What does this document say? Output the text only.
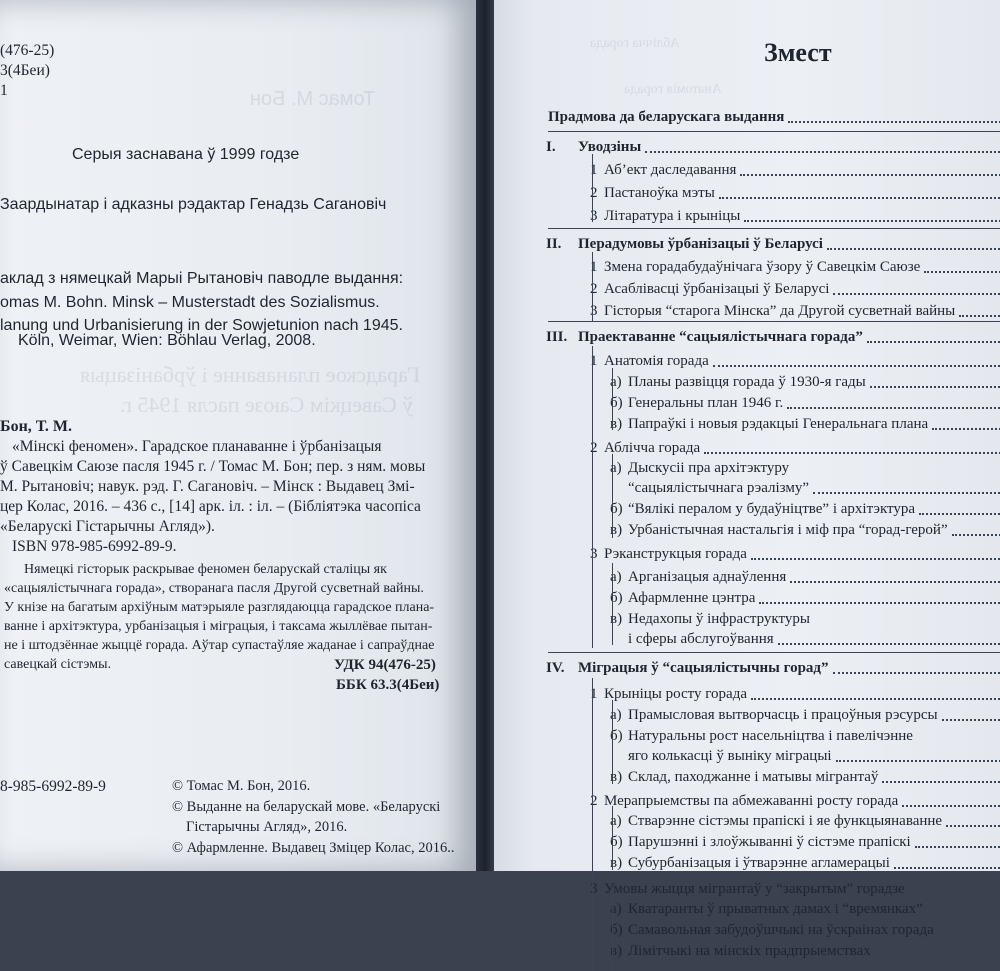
Томас М. Бон
Гарадское планаванне і ўрбанізацыя
ў Савецкім Саюзе пасля 1945 г.
(476-25)
3(4Беи)
1
Серыя заснавана ў 1999 годзе
Заардынатар і адказны рэдактар Генадзь Сагановіч
аклад з нямецкай Марыі Рытановіч паводле выдання:
omas M. Bohn. Minsk – Musterstadt des Sozialismus.
lanung und Urbanisierung in der Sowjetunion nach 1945.
Köln, Weimar, Wien: Böhlau Verlag, 2008.
Бон, Т. М.
«Мінскі феномен». Гарадское планаванне і ўрбанізацыя
ў Савецкім Саюзе пасля 1945 г. / Томас М. Бон; пер. з ням. мовы
М. Рытановіч; навук. рэд. Г. Сагановіч. – Мінск : Выдавец Змі-
цер Колас, 2016. – 436 с., [14] арк. іл. : іл. – (Бібліятэка часопіса
«Беларускі Гістарычны Агляд»).
ISBN 978-985-6992-89-9.
Нямецкі гісторык раскрывае феномен беларускай сталіцы як
«сацыялістычнага горада», створанага пасля Другой сусветнай вайны.
У кнізе на багатым архіўным матэрыяле разглядаюцца гарадское плана-
ванне і архітэктура, урбанізацыя і міграцыя, і таксама жыллёвае пытан-
не і штодзённае жыццё горада. Аўтар супастаўляе жаданае і сапраўднае
савецкай сістэмы.	УДК 94(476-25)
ББК 63.3(4Беи)
8-985-6992-89-9	© Томас М. Бон, 2016.
© Выданне на беларускай мове. «Беларускі
Гістарычны Агляд», 2016.
© Афармленне. Выдавец Зміцер Колас, 2016..
Аблічча горада
Анатомія горада
Змест
Прадмова да беларускага выдання
I. Уводзіны
1 Аб’ект даследавання
2 Пастаноўка мэты
3 Літаратура і крыніцы
II. Перадумовы ўрбанізацыі ў Беларусі
1 Змена горадабудаўнічага ўзору ў Савецкім Саюзе
2 Асаблівасці ўрбанізацыі ў Беларусі
3 Гісторыя “старога Мінска” да Другой сусветнай вайны
III. Праектаванне “сацыялістычнага горада”
1 Анатомія горада
а) Планы развіцця горада ў 1930-я гады
б) Генеральны план 1946 г.
в) Папраўкі і новыя рэдакцыі Генеральнага плана
2 Аблічча горада
а) Дыскусіі пра архітэктуру
“сацыялістычнага рэалізму”
б) “Вялікі пералом у будаўніцтве” і архітэктура
в) Урбаністычная настальгія і міф пра “горад-герой”
3 Рэканструкцыя горада
а) Арганізацыя аднаўлення
б) Афармленне цэнтра
в) Недахопы ў інфраструктуры
і сферы абслугоўвання
IV. Міграцыя ў “сацыялістычны горад”
1 Крыніцы росту горада
а) Прамысловая вытворчасць і працоўныя рэсурсы
б) Натуральны рост насельніцтва і павелічэнне
яго колькасці ў выніку міграцыі
в) Склад, паходжанне і матывы мігрантаў
2 Мерапрыемствы па абмежаванні росту горада
а) Стварэнне сістэмы прапіскі і яе функцыянаванне
б) Парушэнні і злоўжыванні ў сістэме прапіскі
в) Субурбанізацыя і ўтварэнне агламерацыі
3 Умовы жыцця мігрантаў у “закрытым” горадзе
а) Кватаранты ў прыватных дамах і “времянках”
б) Самавольная забудоўшчыкі на ўскраінах горада
в) Лімітчыкі на мінскіх прадпрыемствах
